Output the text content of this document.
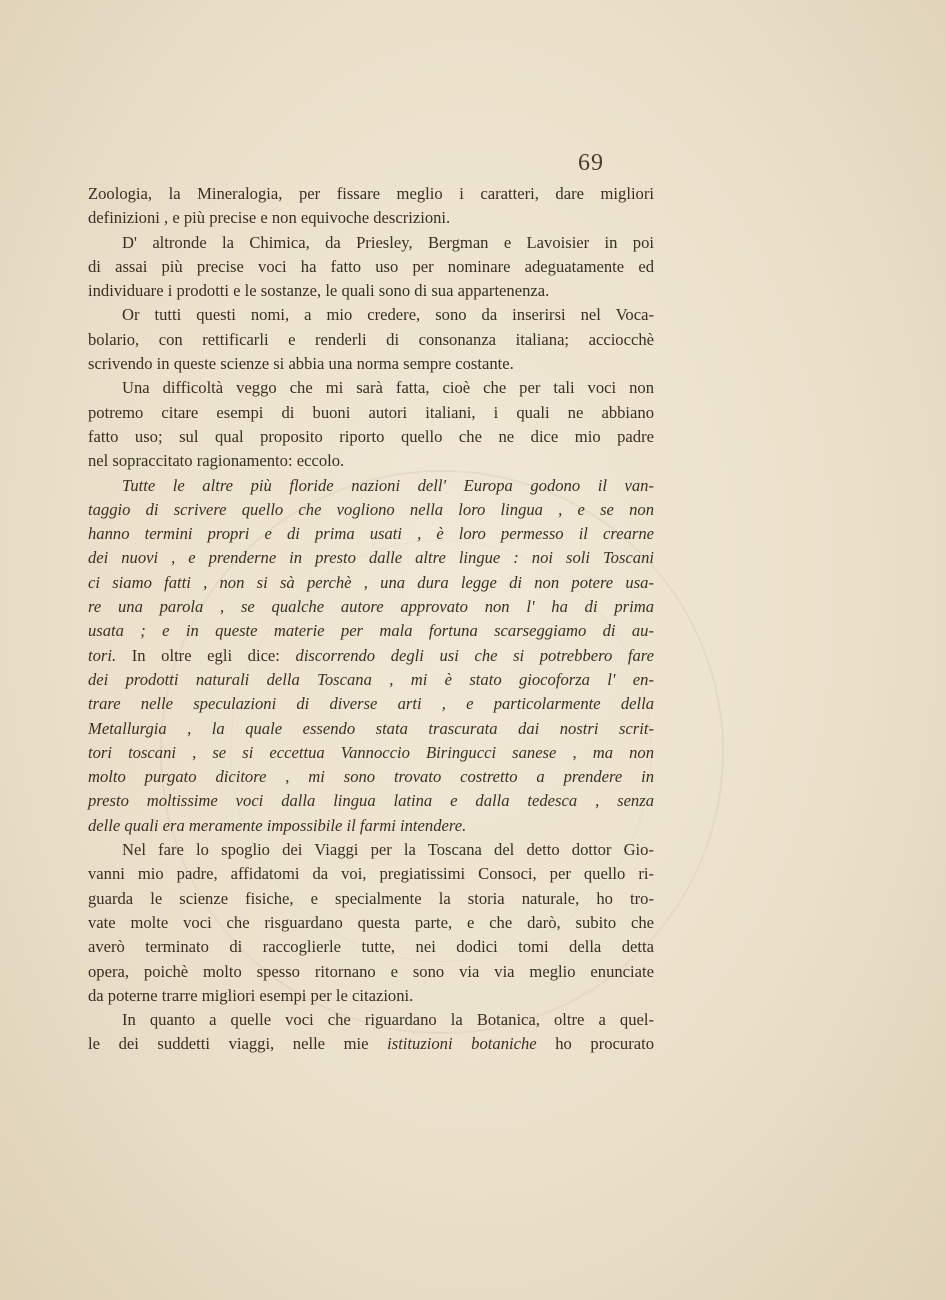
69
Zoologia, la Mineralogia, per fissare meglio i caratteri, dare migliori
definizioni , e più precise e non equivoche descrizioni.
D' altronde la Chimica, da Priesley, Bergman e Lavoisier in poi
di assai più precise voci ha fatto uso per nominare adeguatamente ed
individuare i prodotti e le sostanze, le quali sono di sua appartenenza.
Or tutti questi nomi, a mio credere, sono da inserirsi nel Voca-
bolario, con rettificarli e renderli di consonanza italiana; acciocchè
scrivendo in queste scienze si abbia una norma sempre costante.
Una difficoltà veggo che mi sarà fatta, cioè che per tali voci non
potremo citare esempi di buoni autori italiani, i quali ne abbiano
fatto uso; sul qual proposito riporto quello che ne dice mio padre
nel sopraccitato ragionamento: eccolo.
Tutte le altre più floride nazioni dell' Europa godono il van-
taggio di scrivere quello che vogliono nella loro lingua , e se non
hanno termini propri e di prima usati , è loro permesso il crearne
dei nuovi , e prenderne in presto dalle altre lingue : noi soli Toscani
ci siamo fatti , non si sà perchè , una dura legge di non potere usa-
re una parola , se qualche autore approvato non l' ha di prima
usata ; e in queste materie per mala fortuna scarseggiamo di au-
tori. In oltre egli dice: discorrendo degli usi che si potrebbero fare
dei prodotti naturali della Toscana , mi è stato giocoforza l' en-
trare nelle speculazioni di diverse arti , e particolarmente della
Metallurgia , la quale essendo stata trascurata dai nostri scrit-
tori toscani , se si eccettua Vannoccio Biringucci sanese , ma non
molto purgato dicitore , mi sono trovato costretto a prendere in
presto moltissime voci dalla lingua latina e dalla tedesca , senza
delle quali era meramente impossibile il farmi intendere.
Nel fare lo spoglio dei Viaggi per la Toscana del detto dottor Gio-
vanni mio padre, affidatomi da voi, pregiatissimi Consoci, per quello ri-
guarda le scienze fisiche, e specialmente la storia naturale, ho tro-
vate molte voci che risguardano questa parte, e che darò, subito che
averò terminato di raccoglierle tutte, nei dodici tomi della detta
opera, poichè molto spesso ritornano e sono via via meglio enunciate
da poterne trarre migliori esempi per le citazioni.
In quanto a quelle voci che riguardano la Botanica, oltre a quel-
le dei suddetti viaggi, nelle mie istituzioni botaniche ho procurato
